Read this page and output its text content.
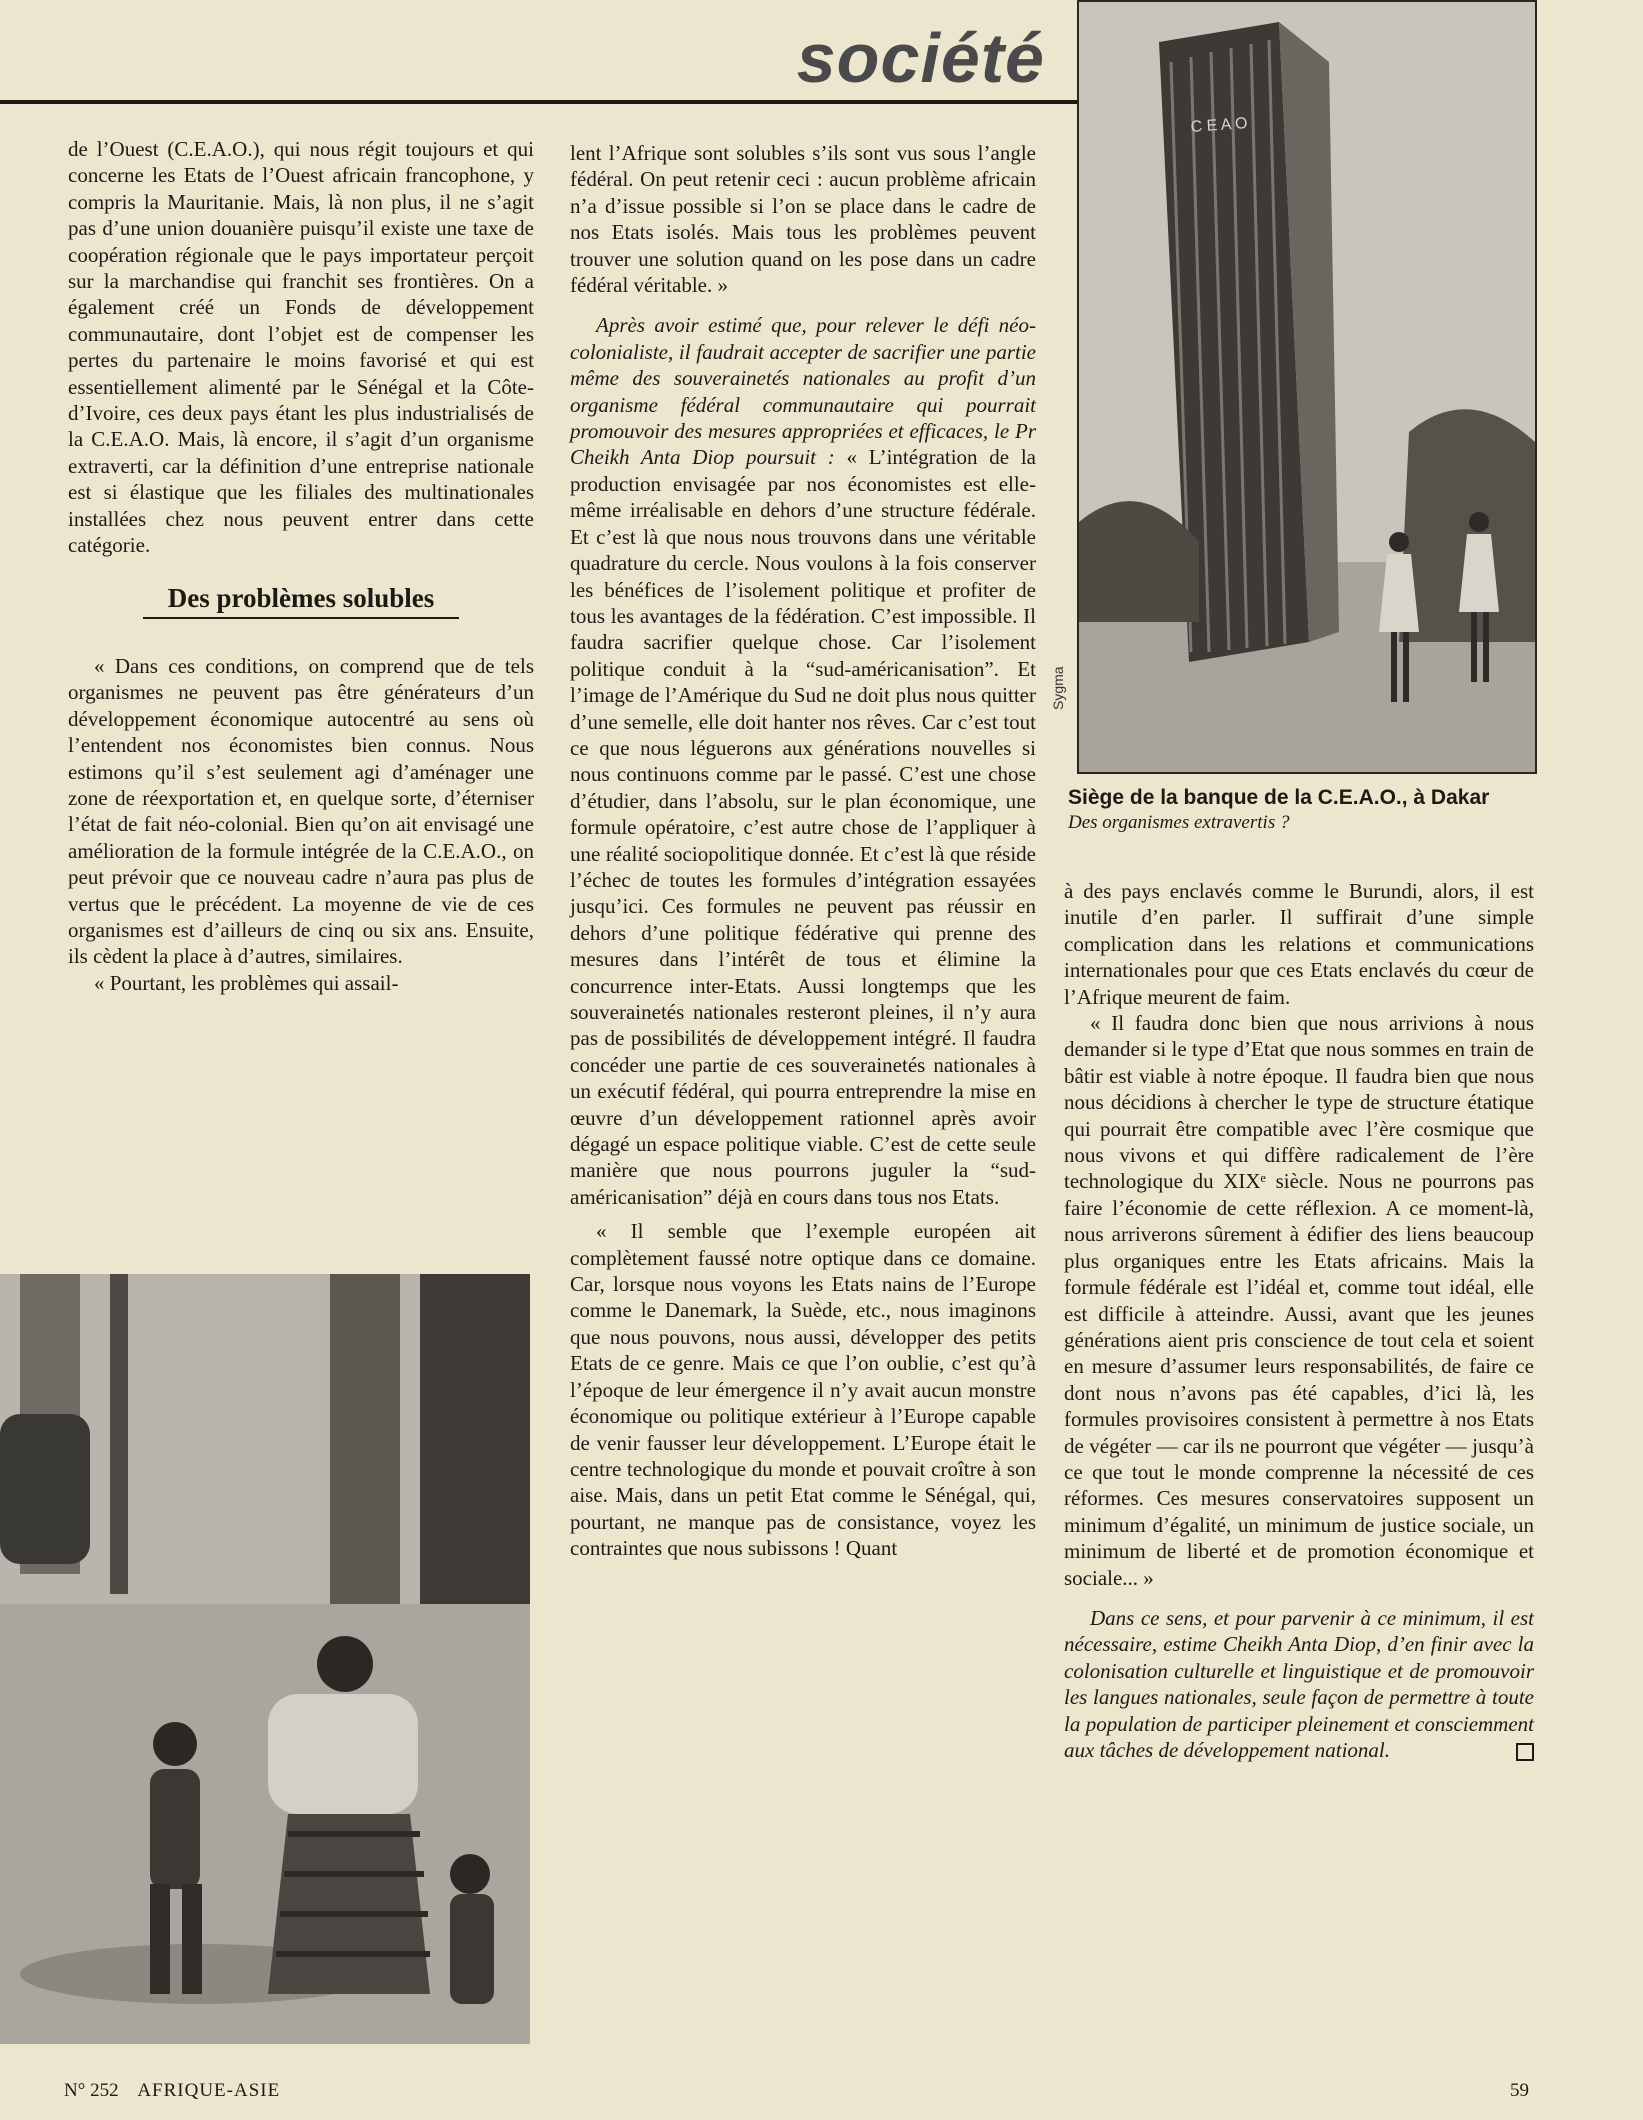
société

de l’Ouest (C.E.A.O.), qui nous régit toujours et qui concerne les Etats de l’Ouest africain francophone, y compris la Mauritanie. Mais, là non plus, il ne s’agit pas d’une union douanière puisqu’il existe une taxe de coopération régionale que le pays importateur perçoit sur la marchandise qui franchit ses frontières. On a également créé un Fonds de développement communautaire, dont l’objet est de compenser les pertes du partenaire le moins favorisé et qui est essentiellement alimenté par le Sénégal et la Côte-d’Ivoire, ces deux pays étant les plus industrialisés de la C.E.A.O. Mais, là encore, il s’agit d’un organisme extraverti, car la définition d’une entreprise nationale est si élastique que les filiales des multinationales installées chez nous peuvent entrer dans cette catégorie.

Des problèmes solubles

« Dans ces conditions, on comprend que de tels organismes ne peuvent pas être générateurs d’un développement économique autocentré au sens où l’entendent nos économistes bien connus. Nous estimons qu’il s’est seulement agi d’aménager une zone de réexportation et, en quelque sorte, d’éterniser l’état de fait néo-colonial. Bien qu’on ait envisagé une amélioration de la formule intégrée de la C.E.A.O., on peut prévoir que ce nouveau cadre n’aura pas plus de vertus que le précédent. La moyenne de vie de ces organismes est d’ailleurs de cinq ou six ans. Ensuite, ils cèdent la place à d’autres, similaires.

« Pourtant, les problèmes qui assail-

lent l’Afrique sont solubles s’ils sont vus sous l’angle fédéral. On peut retenir ceci : aucun problème africain n’a d’issue possible si l’on se place dans le cadre de nos Etats isolés. Mais tous les problèmes peuvent trouver une solution quand on les pose dans un cadre fédéral véritable. »

Après avoir estimé que, pour relever le défi néo-colonialiste, il faudrait accepter de sacrifier une partie même des souverainetés nationales au profit d’un organisme fédéral communautaire qui pourrait promouvoir des mesures appropriées et efficaces, le Pr Cheikh Anta Diop poursuit : « L’intégration de la production envisagée par nos économistes est elle-même irréalisable en dehors d’une structure fédérale. Et c’est là que nous nous trouvons dans une véritable quadrature du cercle. Nous voulons à la fois conserver les bénéfices de l’isolement politique et profiter de tous les avantages de la fédération. C’est impossible. Il faudra sacrifier quelque chose. Car l’isolement politique conduit à la “sud-américanisation”. Et l’image de l’Amérique du Sud ne doit plus nous quitter d’une semelle, elle doit hanter nos rêves. Car c’est tout ce que nous léguerons aux générations nouvelles si nous continuons comme par le passé. C’est une chose d’étudier, dans l’absolu, sur le plan économique, une formule opératoire, c’est autre chose de l’appliquer à une réalité sociopolitique donnée. Et c’est là que réside l’échec de toutes les formules d’intégration essayées jusqu’ici. Ces formules ne peuvent pas réussir en dehors d’une politique fédérative qui prenne des mesures dans l’intérêt de tous et élimine la concurrence inter-Etats. Aussi longtemps que les souverainetés nationales resteront pleines, il n’y aura pas de possibilités de développement intégré. Il faudra concéder une partie de ces souverainetés nationales à un exécutif fédéral, qui pourra entreprendre la mise en œuvre d’un développement rationnel après avoir dégagé un espace politique viable. C’est de cette seule manière que nous pourrons juguler la “sud-américanisation” déjà en cours dans tous nos Etats.

« Il semble que l’exemple européen ait complètement faussé notre optique dans ce domaine. Car, lorsque nous voyons les Etats nains de l’Europe comme le Danemark, la Suède, etc., nous imaginons que nous pouvons, nous aussi, développer des petits Etats de ce genre. Mais ce que l’on oublie, c’est qu’à l’époque de leur émergence il n’y avait aucun monstre économique ou politique extérieur à l’Europe capable de venir fausser leur développement. L’Europe était le centre technologique du monde et pouvait croître à son aise. Mais, dans un petit Etat comme le Sénégal, qui, pourtant, ne manque pas de consistance, voyez les contraintes que nous subissons ! Quant

C E A O
Sygma
Siège de la banque de la C.E.A.O., à Dakar
Des organismes extravertis ?

à des pays enclavés comme le Burundi, alors, il est inutile d’en parler. Il suffirait d’une simple complication dans les relations et communications internationales pour que ces Etats enclavés du cœur de l’Afrique meurent de faim.

« Il faudra donc bien que nous arrivions à nous demander si le type d’Etat que nous sommes en train de bâtir est viable à notre époque. Il faudra bien que nous nous décidions à chercher le type de structure étatique qui pourrait être compatible avec l’ère cosmique que nous vivons et qui diffère radicalement de l’ère technologique du XIXᵉ siècle. Nous ne pourrons pas faire l’économie de cette réflexion. A ce moment-là, nous arriverons sûrement à édifier des liens beaucoup plus organiques entre les Etats africains. Mais la formule fédérale est l’idéal et, comme tout idéal, elle est difficile à atteindre. Aussi, avant que les jeunes générations aient pris conscience de tout cela et soient en mesure d’assumer leurs responsabilités, de faire ce dont nous n’avons pas été capables, d’ici là, les formules provisoires consistent à permettre à nos Etats de végéter — car ils ne pourront que végéter — jusqu’à ce que tout le monde comprenne la nécessité de ces réformes. Ces mesures conservatoires supposent un minimum d’égalité, un minimum de justice sociale, un minimum de liberté et de promotion économique et sociale... »

Dans ce sens, et pour parvenir à ce minimum, il est nécessaire, estime Cheikh Anta Diop, d’en finir avec la colonisation culturelle et linguistique et de promouvoir les langues nationales, seule façon de permettre à toute la population de participer pleinement et consciemment aux tâches de développement national.

N° 252 AFRIQUE-ASIE	59
